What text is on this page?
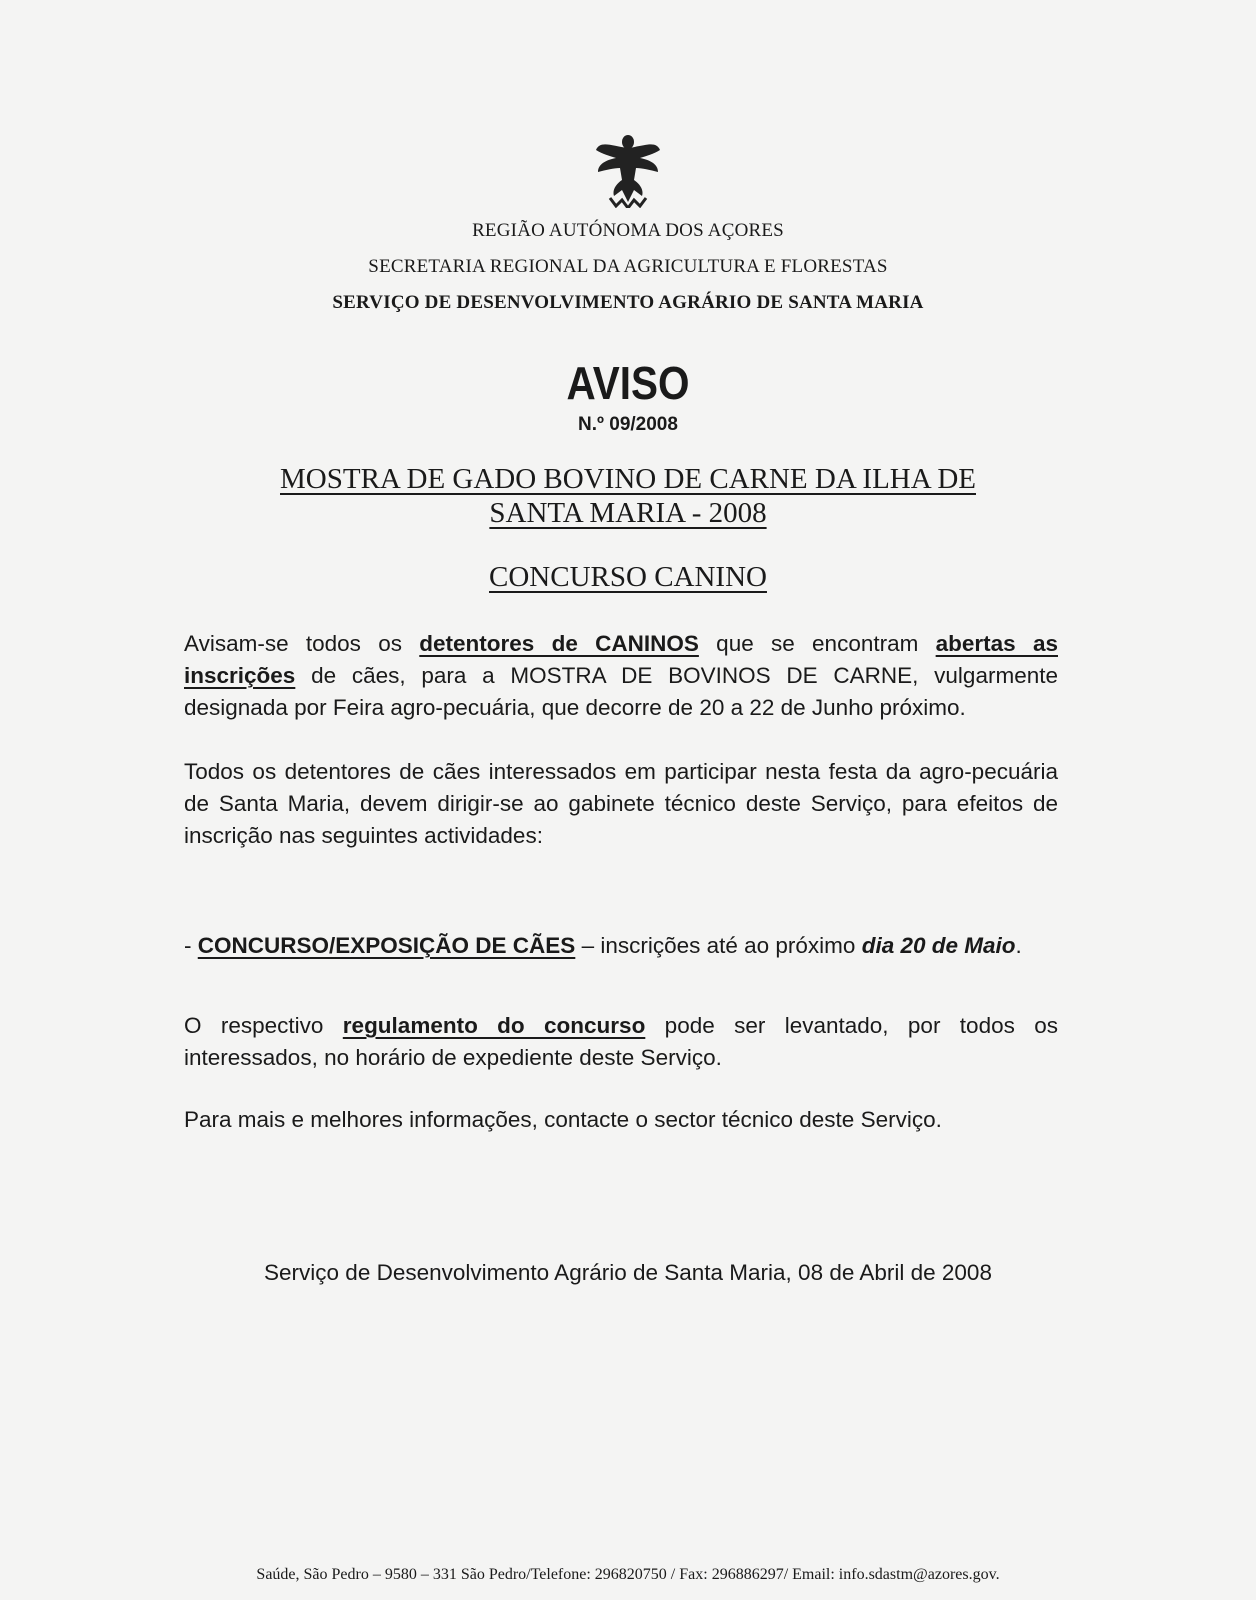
REGIÃO AUTÓNOMA DOS AÇORES
SECRETARIA REGIONAL DA AGRICULTURA E FLORESTAS
SERVIÇO DE DESENVOLVIMENTO AGRÁRIO DE SANTA MARIA
AVISO
N.º 09/2008
MOSTRA DE GADO BOVINO DE CARNE DA ILHA DE
SANTA MARIA - 2008
CONCURSO CANINO
Avisam-se todos os detentores de CANINOS que se encontram abertas as inscrições de cães, para a MOSTRA DE BOVINOS DE CARNE, vulgarmente designada por Feira agro-pecuária, que decorre de 20 a 22 de Junho próximo.
Todos os detentores de cães interessados em participar nesta festa da agro-pecuária de Santa Maria, devem dirigir-se ao gabinete técnico deste Serviço, para efeitos de inscrição nas seguintes actividades:
- CONCURSO/EXPOSIÇÃO DE CÃES – inscrições até ao próximo dia 20 de Maio.
O respectivo regulamento do concurso pode ser levantado, por todos os interessados, no horário de expediente deste Serviço.
Para mais e melhores informações, contacte o sector técnico deste Serviço.
Serviço de Desenvolvimento Agrário de Santa Maria, 08 de Abril de 2008
Saúde, São Pedro – 9580 – 331 São Pedro/Telefone: 296820750 / Fax: 296886297/ Email: info.sdastm@azores.gov.
